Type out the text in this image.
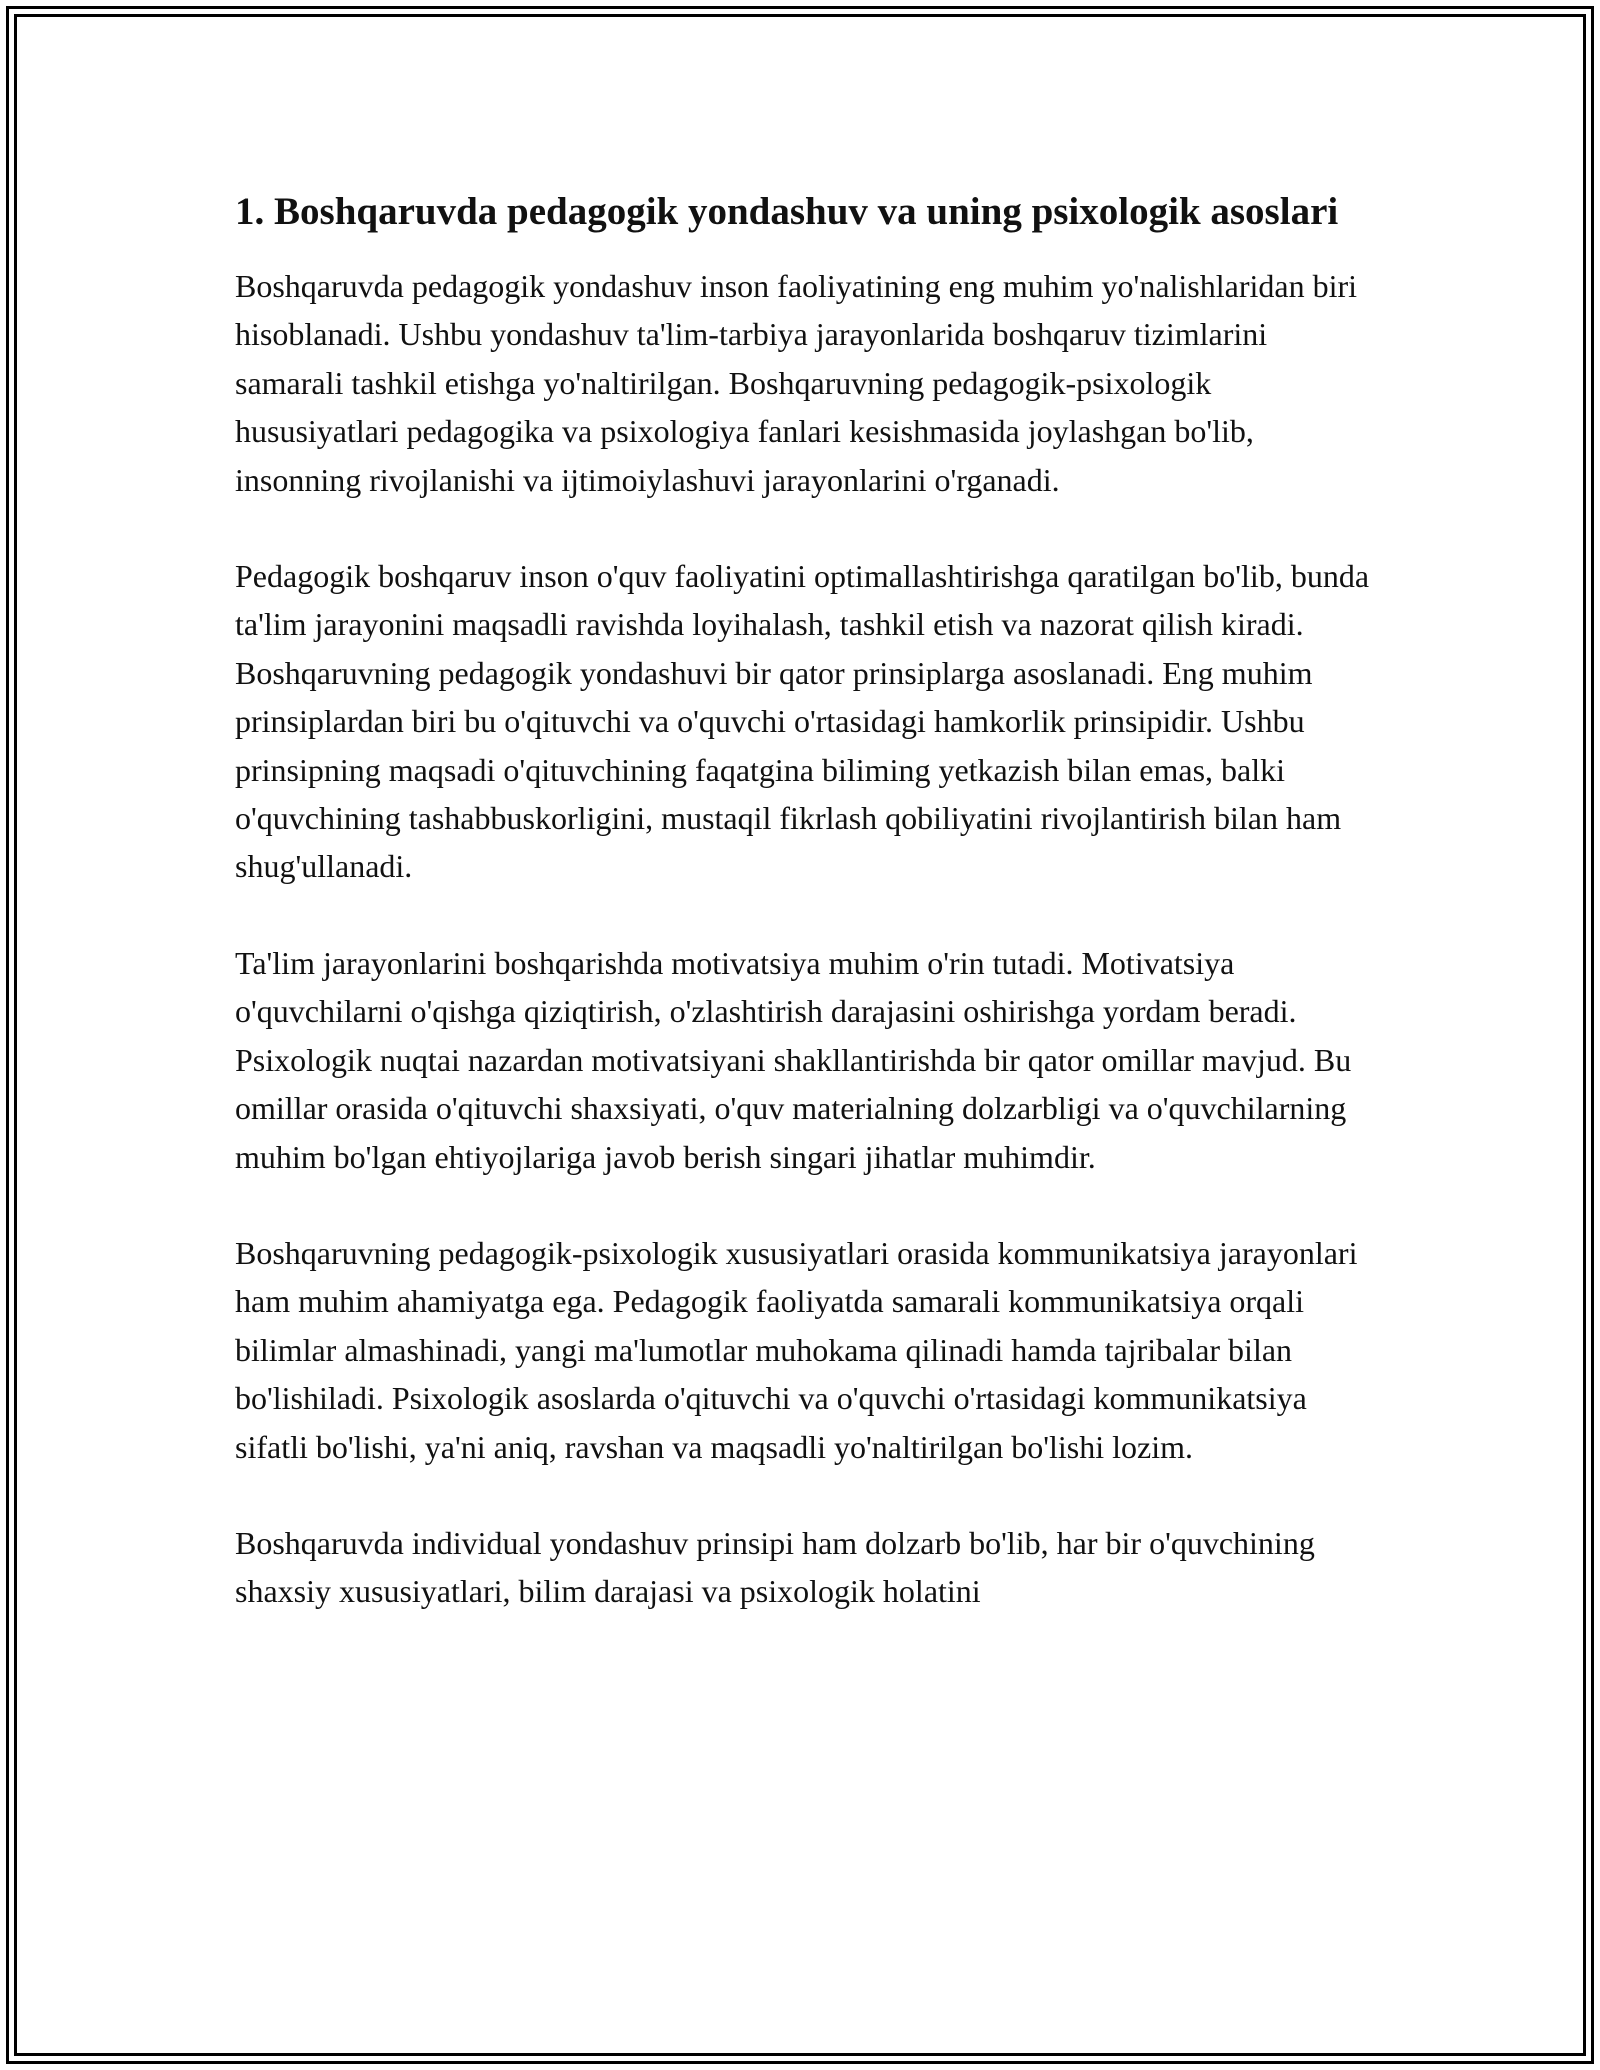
1. Boshqaruvda pedagogik yondashuv va uning psixologik asoslari

Boshqaruvda pedagogik yondashuv inson faoliyatining eng muhim yo'nalishlaridan biri hisoblanadi. Ushbu yondashuv ta'lim-tarbiya jarayonlarida boshqaruv tizimlarini samarali tashkil etishga yo'naltirilgan. Boshqaruvning pedagogik-psixologik hususiyatlari pedagogika va psixologiya fanlari kesishmasida joylashgan bo'lib, insonning rivojlanishi va ijtimoiylashuvi jarayonlarini o'rganadi.

Pedagogik boshqaruv inson o'quv faoliyatini optimallashtirishga qaratilgan bo'lib, bunda ta'lim jarayonini maqsadli ravishda loyihalash, tashkil etish va nazorat qilish kiradi. Boshqaruvning pedagogik yondashuvi bir qator prinsiplarga asoslanadi. Eng muhim prinsiplardan biri bu o'qituvchi va o'quvchi o'rtasidagi hamkorlik prinsipidir. Ushbu prinsipning maqsadi o'qituvchining faqatgina biliming yetkazish bilan emas, balki o'quvchining tashabbuskorligini, mustaqil fikrlash qobiliyatini rivojlantirish bilan ham shug'ullanadi.

Ta'lim jarayonlarini boshqarishda motivatsiya muhim o'rin tutadi. Motivatsiya o'quvchilarni o'qishga qiziqtirish, o'zlashtirish darajasini oshirishga yordam beradi. Psixologik nuqtai nazardan motivatsiyani shakllantirishda bir qator omillar mavjud. Bu omillar orasida o'qituvchi shaxsiyati, o'quv materialning dolzarbligi va o'quvchilarning muhim bo'lgan ehtiyojlariga javob berish singari jihatlar muhimdir.

Boshqaruvning pedagogik-psixologik xususiyatlari orasida kommunikatsiya jarayonlari ham muhim ahamiyatga ega. Pedagogik faoliyatda samarali kommunikatsiya orqali bilimlar almashinadi, yangi ma'lumotlar muhokama qilinadi hamda tajribalar bilan bo'lishiladi. Psixologik asoslarda o'qituvchi va o'quvchi o'rtasidagi kommunikatsiya sifatli bo'lishi, ya'ni aniq, ravshan va maqsadli yo'naltirilgan bo'lishi lozim.

Boshqaruvda individual yondashuv prinsipi ham dolzarb bo'lib, har bir o'quvchining shaxsiy xususiyatlari, bilim darajasi va psixologik holatini
